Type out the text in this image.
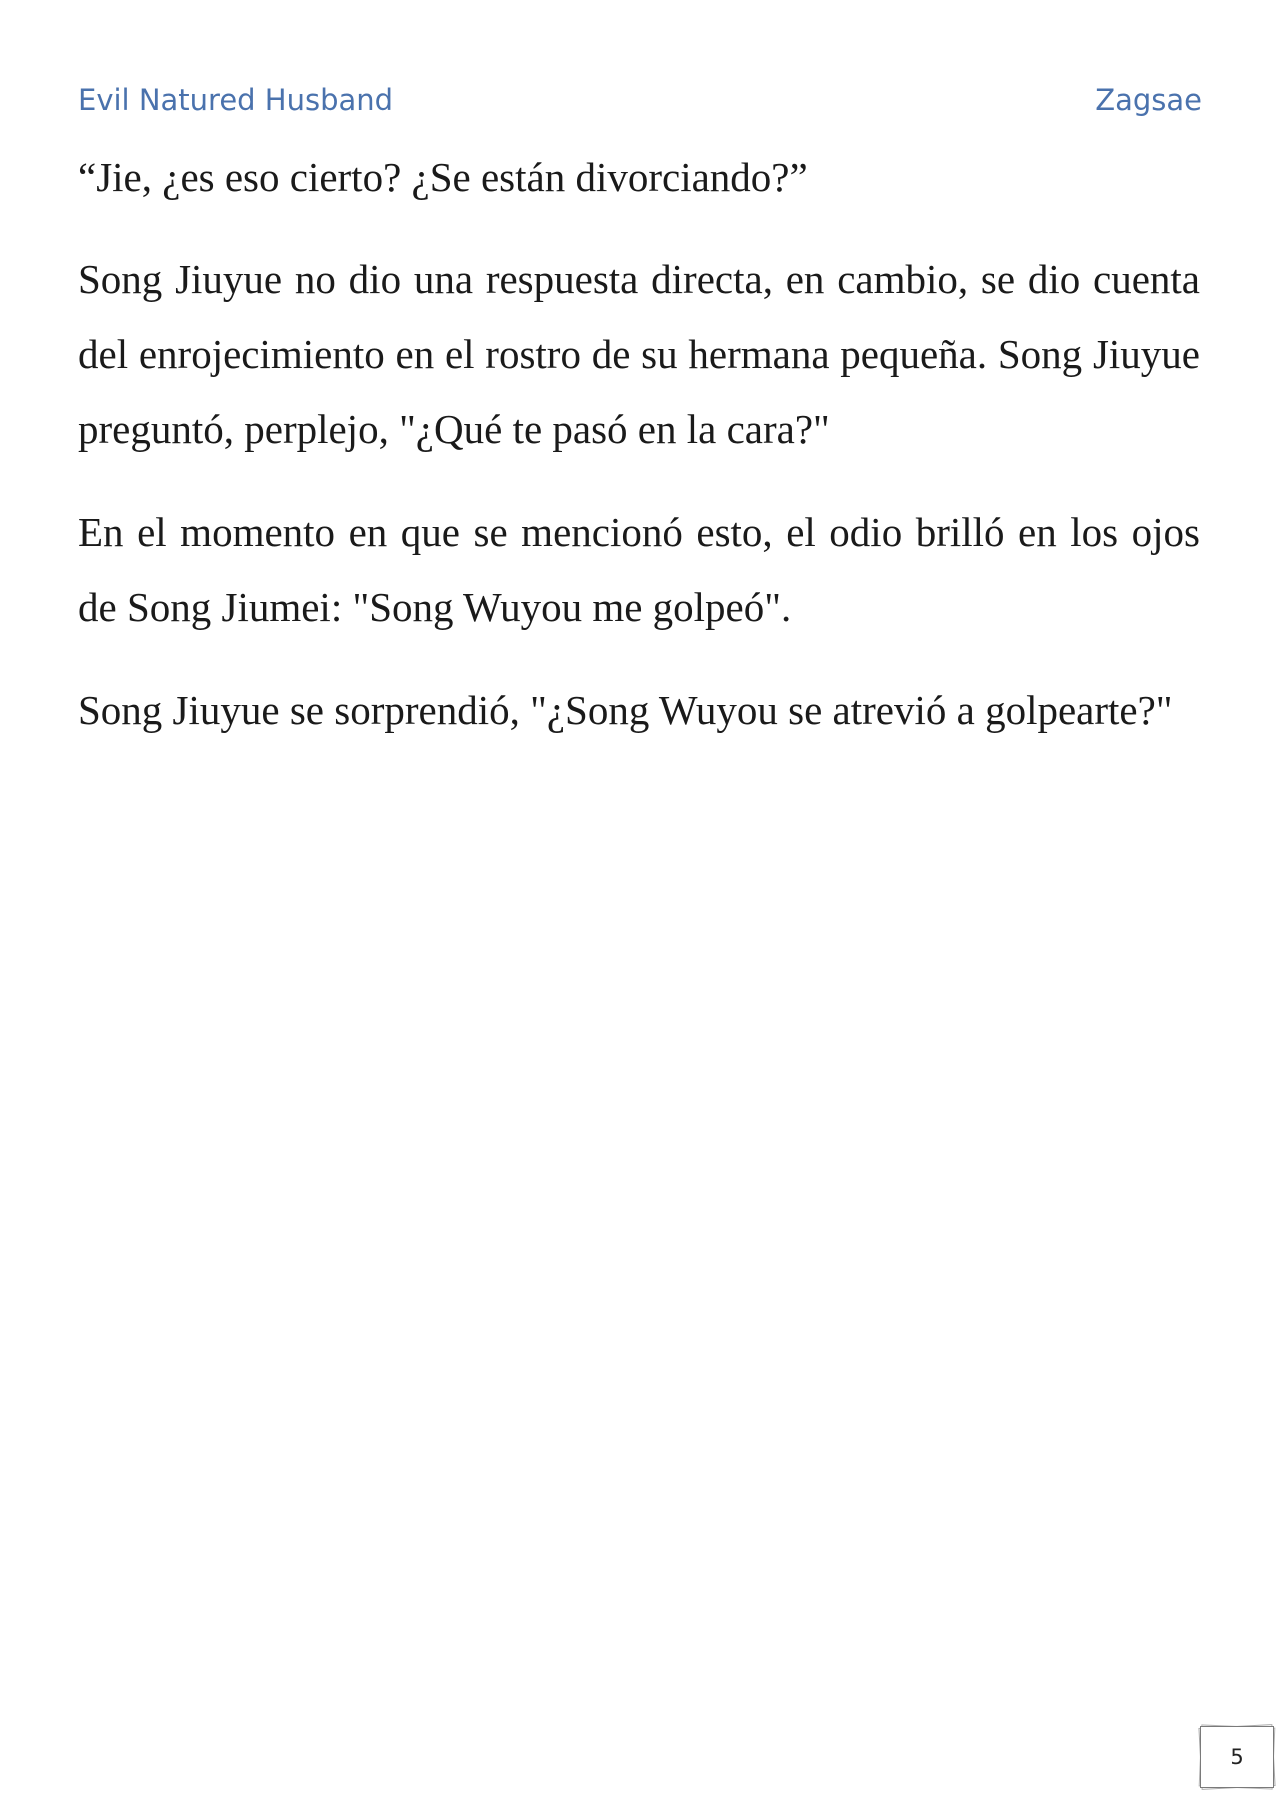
Evil Natured Husband	Zagsae

“Jie, ¿es eso cierto? ¿Se están divorciando?”

Song Jiuyue no dio una respuesta directa, en cambio, se dio cuenta del enrojecimiento en el rostro de su hermana pequeña. Song Jiuyue preguntó, perplejo, "¿Qué te pasó en la cara?"

En el momento en que se mencionó esto, el odio brilló en los ojos de Song Jiumei: "Song Wuyou me golpeó".

Song Jiuyue se sorprendió, "¿Song Wuyou se atrevió a golpearte?"

5
